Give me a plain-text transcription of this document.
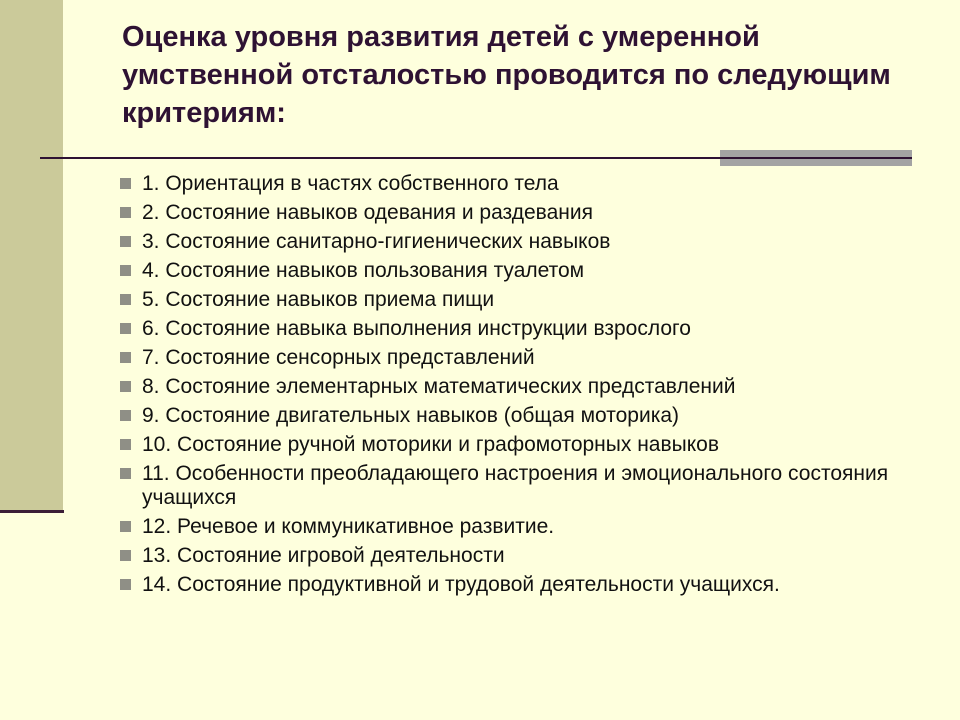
Оценка уровня развития детей с умеренной умственной отсталостью проводится по следующим критериям:
1. Ориентация в частях собственного тела
2. Состояние навыков одевания и раздевания
3. Состояние санитарно-гигиенических навыков
4. Состояние навыков пользования туалетом
5. Состояние навыков приема пищи
6. Состояние навыка выполнения инструкции взрослого
7. Состояние сенсорных представлений
8. Состояние элементарных математических представлений
9. Состояние двигательных навыков (общая моторика)
10. Состояние ручной моторики и графомоторных навыков
11. Особенности преобладающего настроения и эмоционального состояния учащихся
12. Речевое и коммуникативное развитие.
13. Состояние игровой деятельности
14. Состояние продуктивной и трудовой деятельности учащихся.
